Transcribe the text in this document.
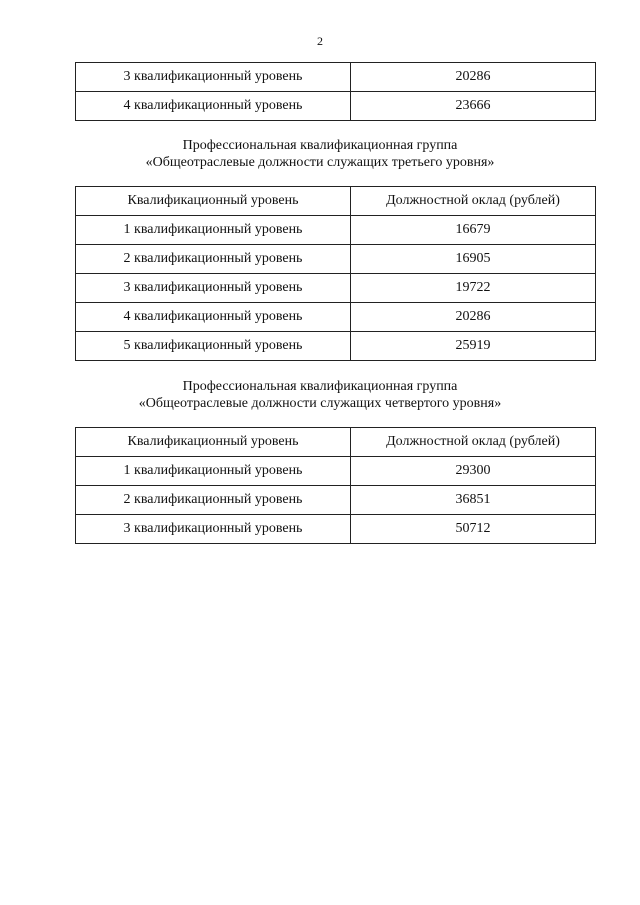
2
3 квалификационный уровень	20286
4 квалификационный уровень	23666
Профессиональная квалификационная группа
«Общеотраслевые должности служащих третьего уровня»
Квалификационный уровень	Должностной оклад (рублей)
1 квалификационный уровень	16679
2 квалификационный уровень	16905
3 квалификационный уровень	19722
4 квалификационный уровень	20286
5 квалификационный уровень	25919
Профессиональная квалификационная группа
«Общеотраслевые должности служащих четвертого уровня»
Квалификационный уровень	Должностной оклад (рублей)
1 квалификационный уровень	29300
2 квалификационный уровень	36851
3 квалификационный уровень	50712
